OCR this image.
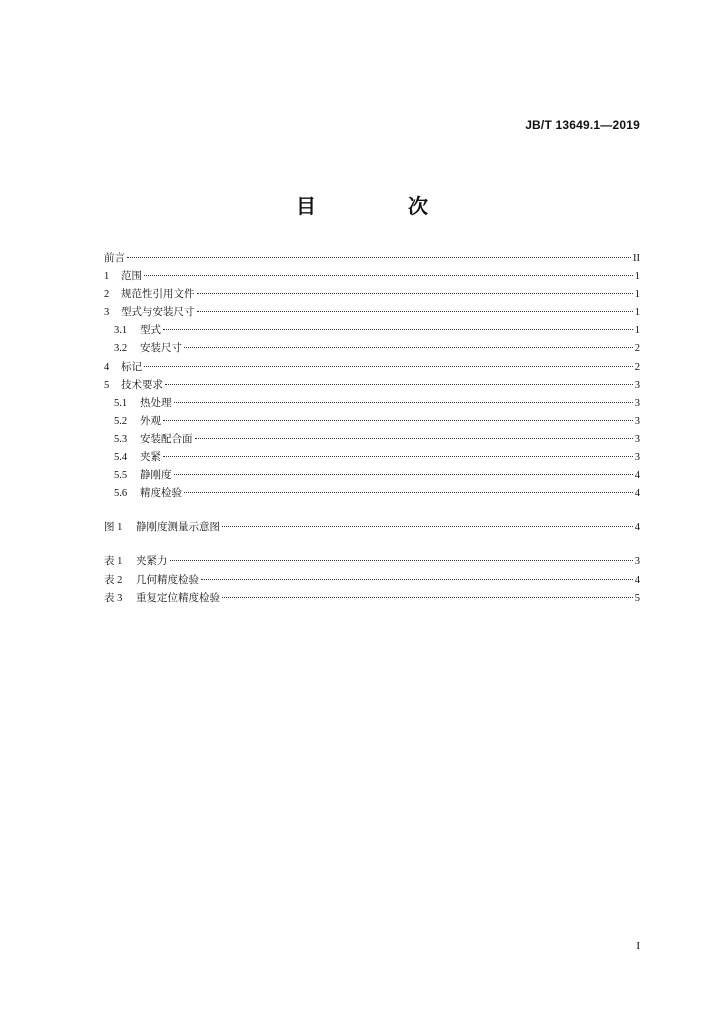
JB/T 13649.1—2019
目　次
前言	II
1	范围	1
2	规范性引用文件	1
3	型式与安装尺寸	1
3.1	型式	1
3.2	安装尺寸	2
4	标记	2
5	技术要求	3
5.1	热处理	3
5.2	外观	3
5.3	安装配合面	3
5.4	夹紧	3
5.5	静刚度	4
5.6	精度检验	4
图 1	静刚度测量示意图	4
表 1	夹紧力	3
表 2	几何精度检验	4
表 3	重复定位精度检验	5
I
